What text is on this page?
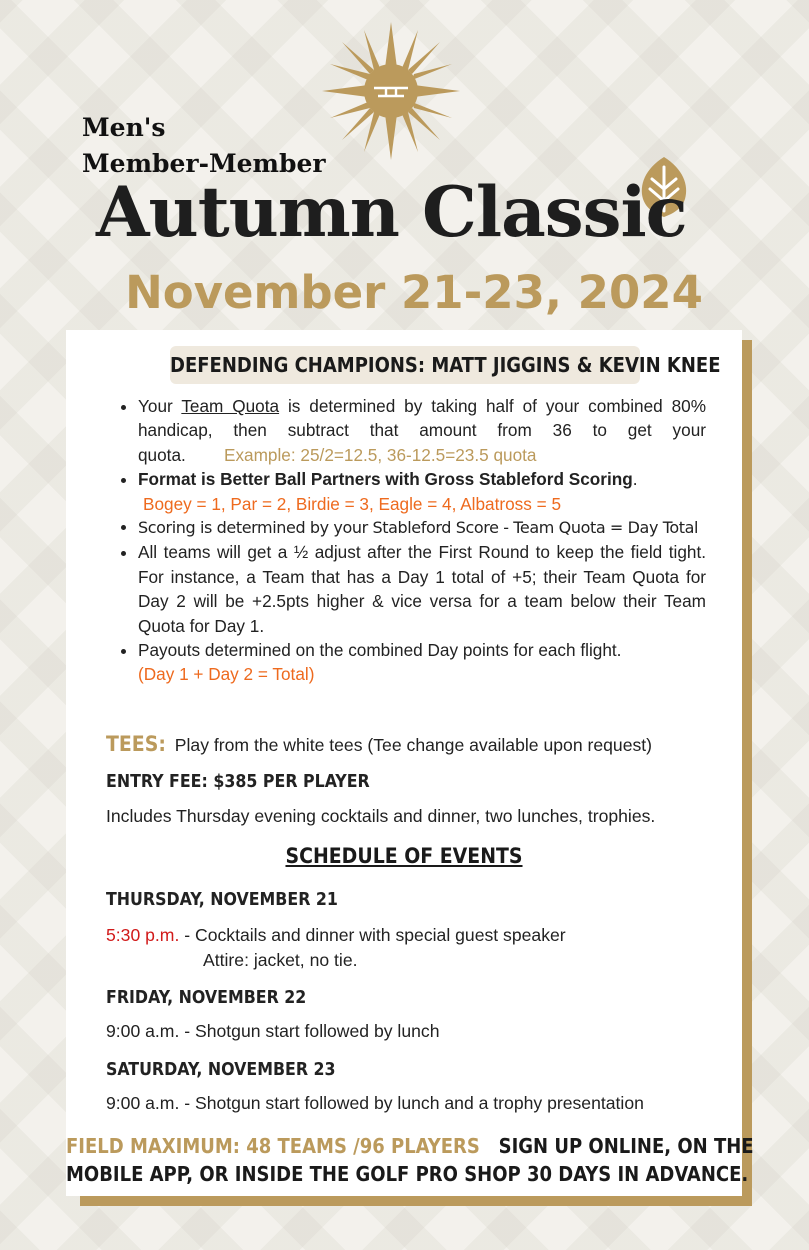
Men's
Member-Member
Autumn Classic
November 21-23, 2024
DEFENDING CHAMPIONS: MATT JIGGINS & KEVIN KNEE
• Your Team Quota is determined by taking half of your combined 80% handicap, then subtract that amount from 36 to get your quota. Example: 25/2=12.5, 36-12.5=23.5 quota
• Format is Better Ball Partners with Gross Stableford Scoring.
Bogey = 1, Par = 2, Birdie = 3, Eagle = 4, Albatross = 5
• Scoring is determined by your Stableford Score - Team Quota = Day Total
• All teams will get a ½ adjust after the First Round to keep the field tight. For instance, a Team that has a Day 1 total of +5; their Team Quota for Day 2 will be +2.5pts higher & vice versa for a team below their Team Quota for Day 1.
• Payouts determined on the combined Day points for each flight.
(Day 1 + Day 2 = Total)
TEES: Play from the white tees (Tee change available upon request)
ENTRY FEE: $385 PER PLAYER
Includes Thursday evening cocktails and dinner, two lunches, trophies.
SCHEDULE OF EVENTS
THURSDAY, NOVEMBER 21
5:30 p.m. - Cocktails and dinner with special guest speaker
Attire: jacket, no tie.
FRIDAY, NOVEMBER 22
9:00 a.m. - Shotgun start followed by lunch
SATURDAY, NOVEMBER 23
9:00 a.m. - Shotgun start followed by lunch and a trophy presentation
FIELD MAXIMUM: 48 TEAMS /96 PLAYERS SIGN UP ONLINE, ON THE
MOBILE APP, OR INSIDE THE GOLF PRO SHOP 30 DAYS IN ADVANCE.
